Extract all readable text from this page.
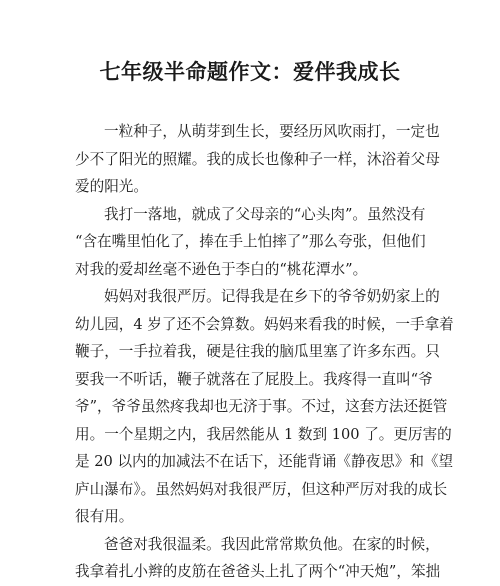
七年级半命题作文：爱伴我成长
一粒种子，从萌芽到生长，要经历风吹雨打，一定也
少不了阳光的照耀。我的成长也像种子一样，沐浴着父母
爱的阳光。
我打一落地，就成了父母亲的“心头肉”。虽然没有
“含在嘴里怕化了，捧在手上怕摔了”那么夸张，但他们
对我的爱却丝毫不逊色于李白的“桃花潭水”。
妈妈对我很严厉。记得我是在乡下的爷爷奶奶家上的
幼儿园，4 岁了还不会算数。妈妈来看我的时候，一手拿着
鞭子，一手拉着我，硬是往我的脑瓜里塞了许多东西。只
要我一不听话，鞭子就落在了屁股上。我疼得一直叫“爷
爷”，爷爷虽然疼我却也无济于事。不过，这套方法还挺管
用。一个星期之内，我居然能从 1 数到 100 了。更厉害的
是 20 以内的加减法不在话下，还能背诵《静夜思》和《望
庐山瀑布》。虽然妈妈对我很严厉，但这种严厉对我的成长
很有用。
爸爸对我很温柔。我因此常常欺负他。在家的时候，
我拿着扎小辫的皮筋在爸爸头上扎了两个“冲天炮”，笨拙
